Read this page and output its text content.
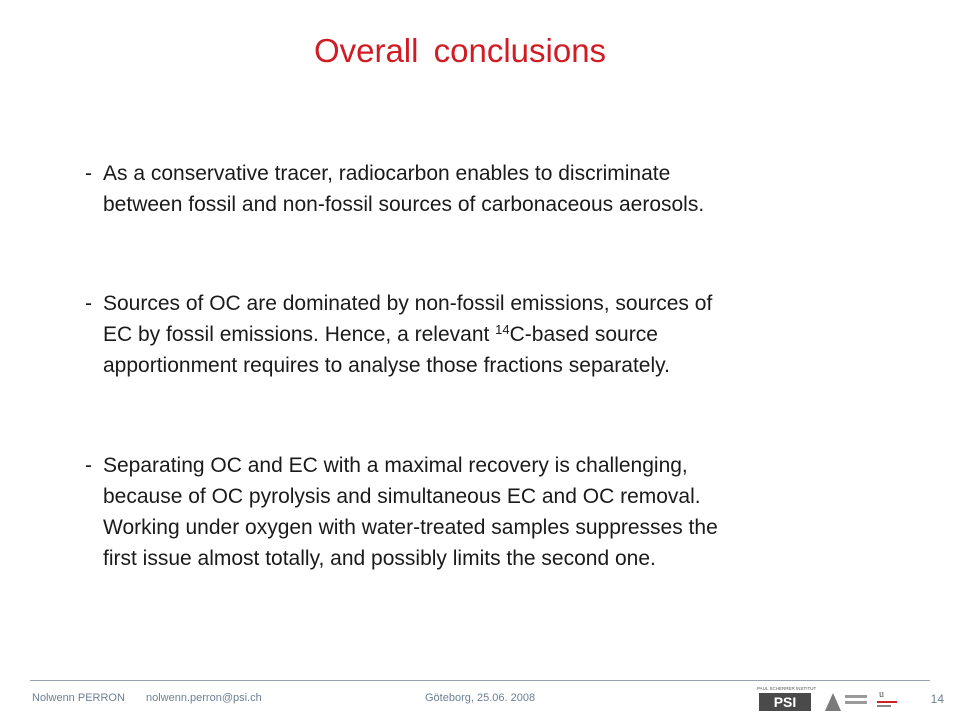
Overall conclusions
- As a conservative tracer, radiocarbon enables to discriminate
between fossil and non-fossil sources of carbonaceous aerosols.
- Sources of OC are dominated by non-fossil emissions, sources of
EC by fossil emissions. Hence, a relevant $^{14}$C-based source
apportionment requires to analyse those fractions separately.
- Separating OC and EC with a maximal recovery is challenging,
because of OC pyrolysis and simultaneous EC and OC removal.
Working under oxygen with water-treated samples suppresses the
first issue almost totally, and possibly limits the second one.
Nolwenn PERRON nolwenn.perron@psi.ch	Göteborg, 25.06. 2008
PAUL SCHERRER INSTITUT
PSI	u	14
